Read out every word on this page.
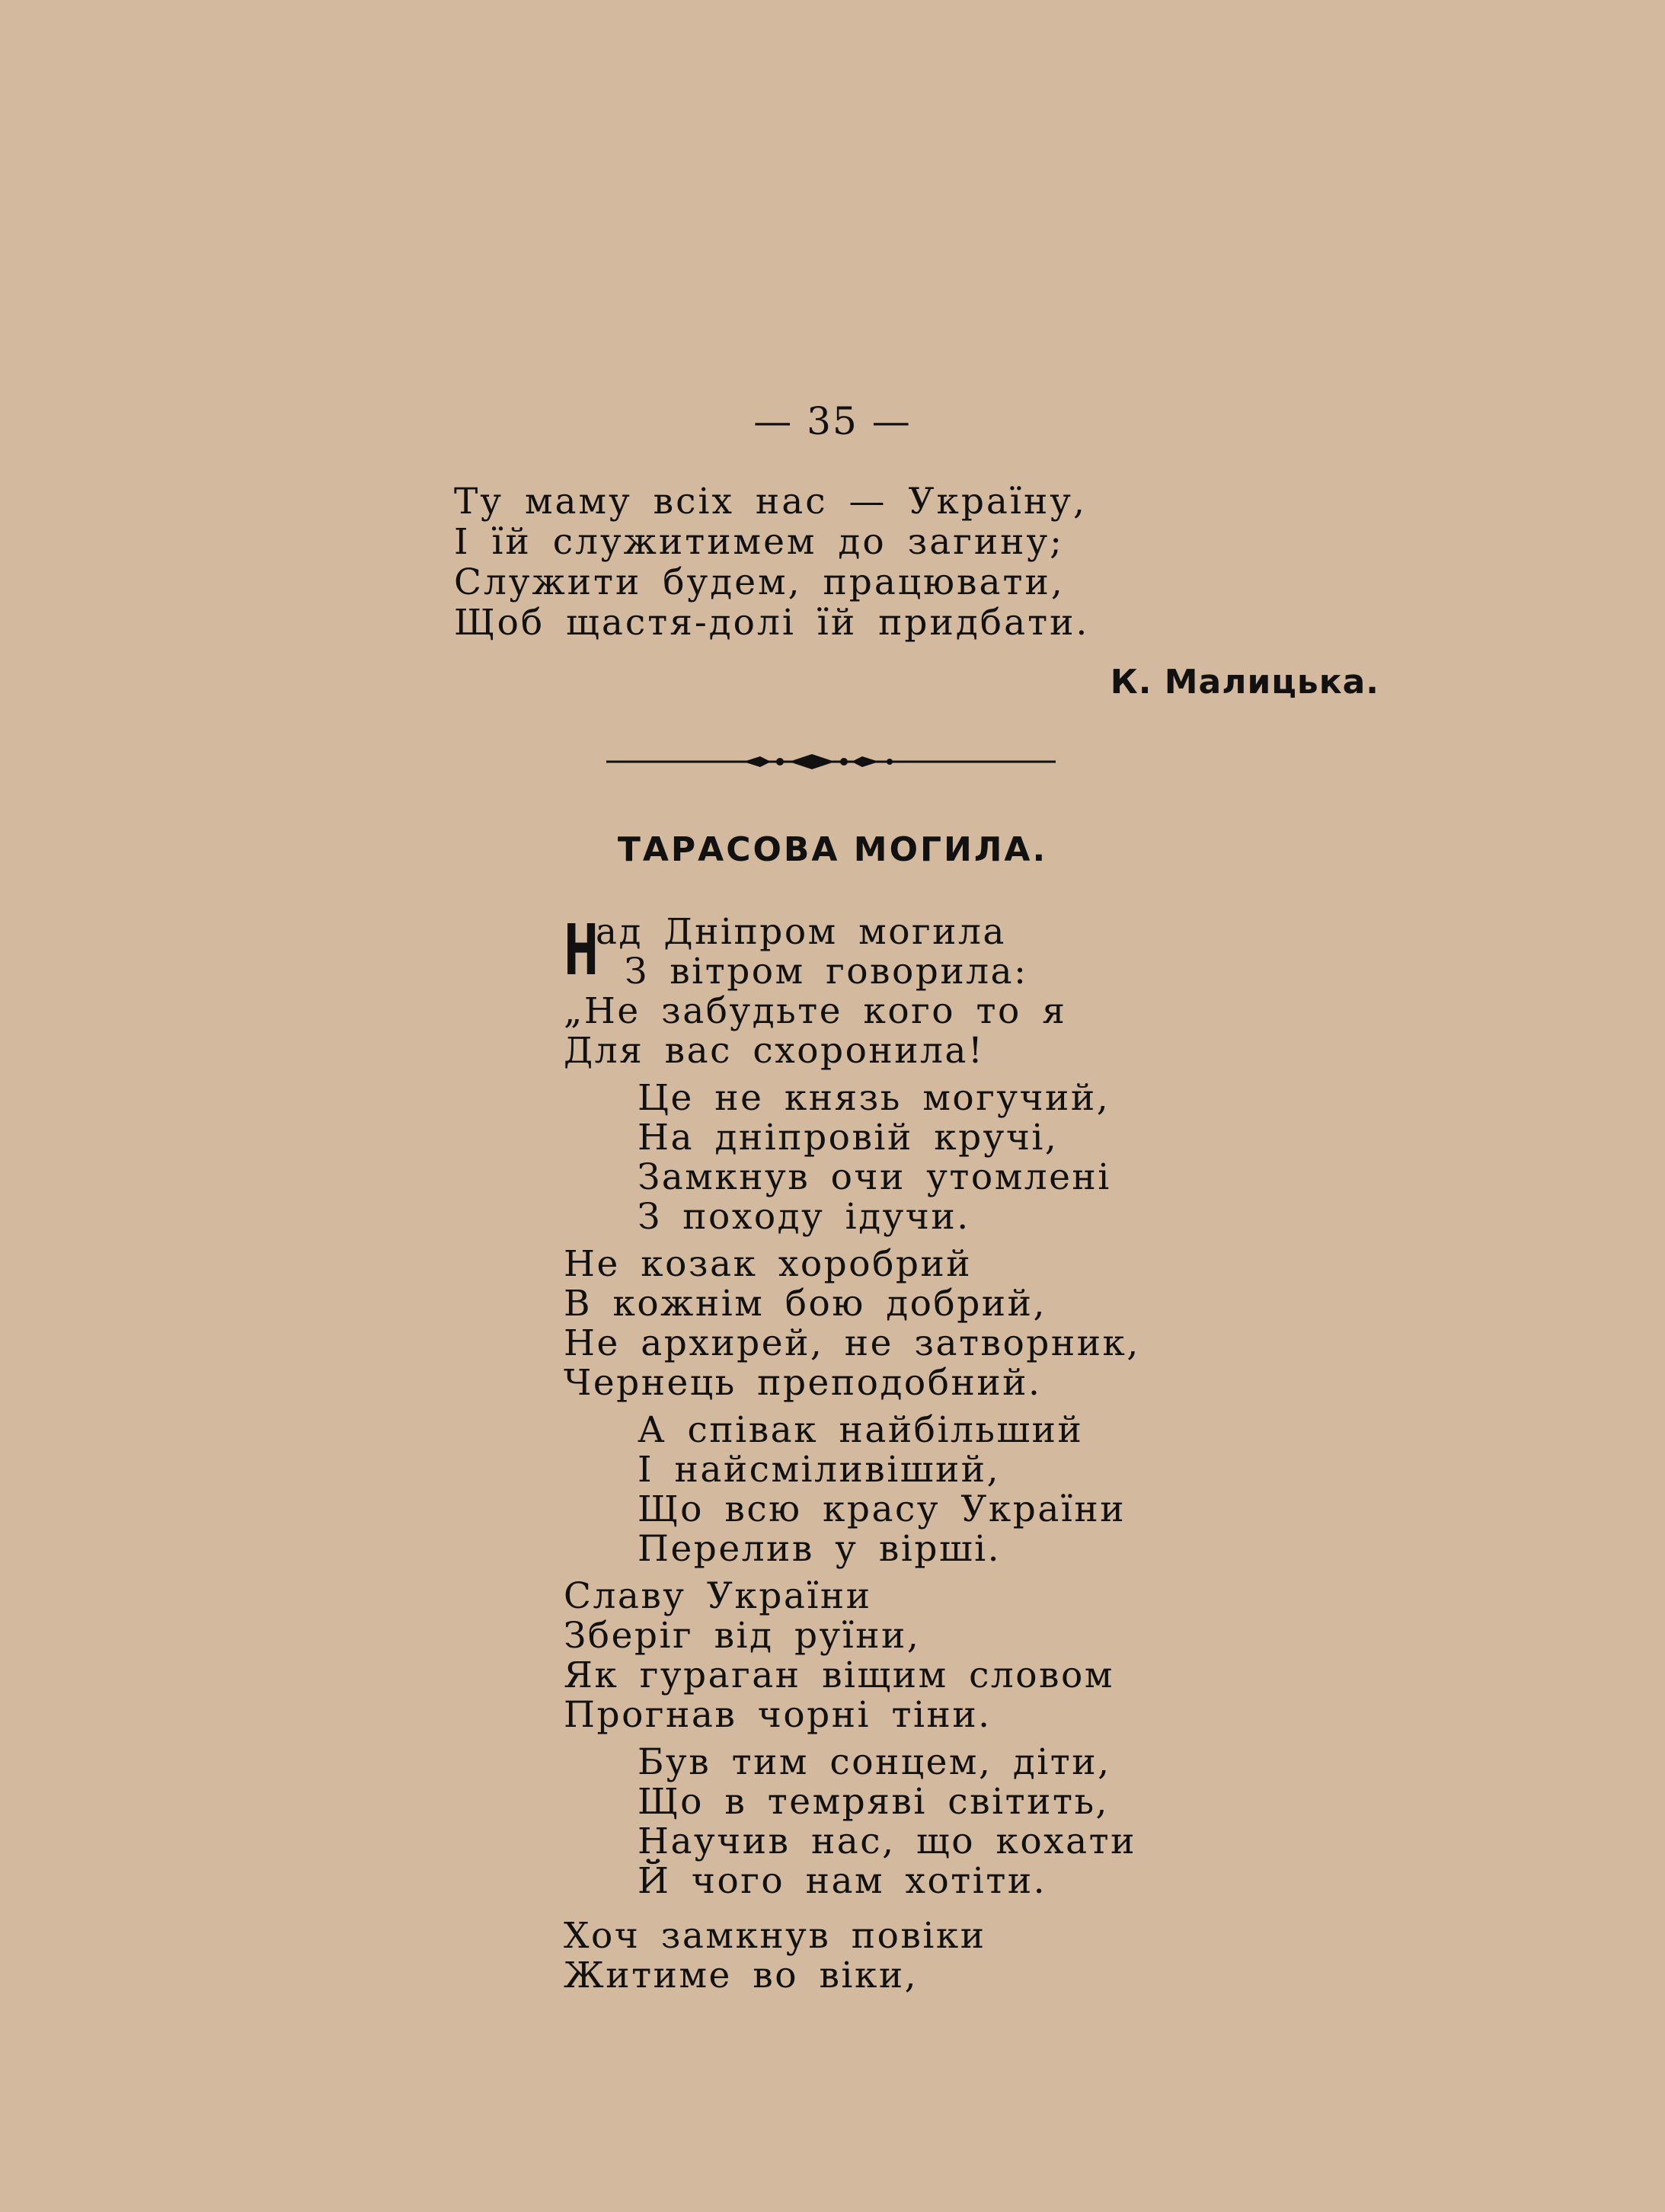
— 35 —
Ту маму всіх нас — Україну,
І їй служитимем до загину;
Служити будем, працювати,
Щоб щастя-долі їй придбати.
К. Малицька.
ТАРАСОВА МОГИЛА.
Н
ад Дніпром могила
З вітром говорила:
„Не забудьте кого то я
Для вас схоронила!
Це не князь могучий,
На дніпровій кручі,
Замкнув очи утомлені
З походу ідучи.
Не козак хоробрий
В кожнім бою добрий,
Не архирей, не затворник,
Чернець преподобний.
А співак найбільший
І найсміливіший,
Що всю красу України
Перелив у вірші.
Славу України
Зберіг від руїни,
Як гураган віщим словом
Прогнав чорні тіни.
Був тим сонцем, діти,
Що в темряві світить,
Научив нас, що кохати
Й чого нам хотіти.
Хоч замкнув повіки
Житиме во віки,
